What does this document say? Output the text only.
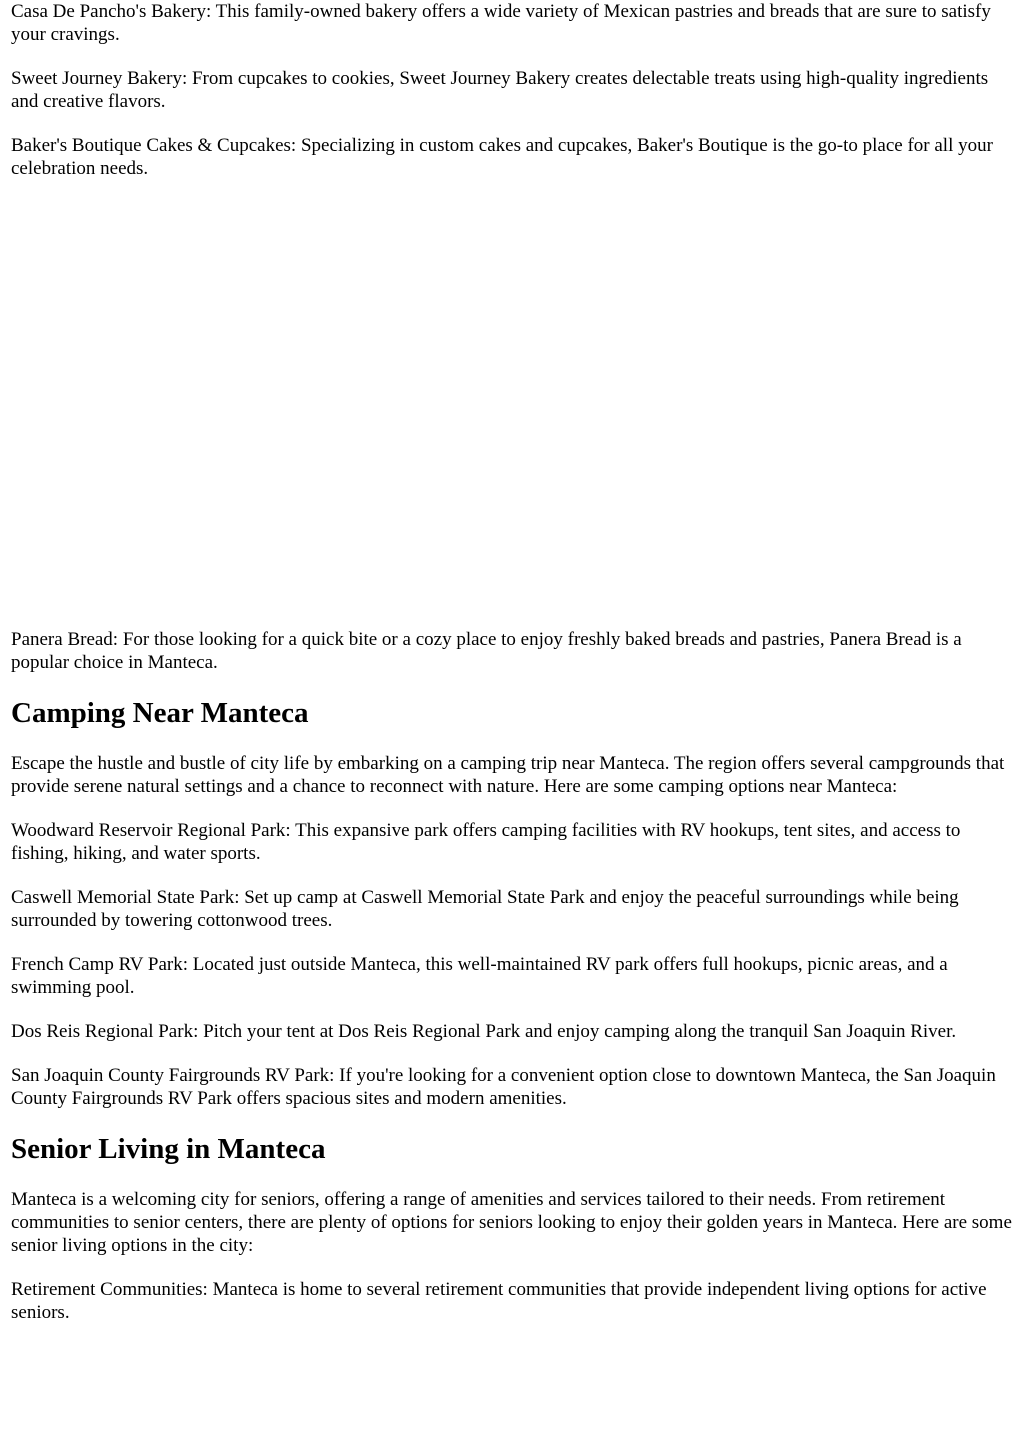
Casa De Pancho's Bakery: This family-owned bakery offers a wide variety of Mexican pastries and breads that are sure to satisfy your cravings.

Sweet Journey Bakery: From cupcakes to cookies, Sweet Journey Bakery creates delectable treats using high-quality ingredients and creative flavors.

Baker's Boutique Cakes & Cupcakes: Specializing in custom cakes and cupcakes, Baker's Boutique is the go-to place for all your celebration needs.

Panera Bread: For those looking for a quick bite or a cozy place to enjoy freshly baked breads and pastries, Panera Bread is a popular choice in Manteca.

Camping Near Manteca

Escape the hustle and bustle of city life by embarking on a camping trip near Manteca. The region offers several campgrounds that provide serene natural settings and a chance to reconnect with nature. Here are some camping options near Manteca:

Woodward Reservoir Regional Park: This expansive park offers camping facilities with RV hookups, tent sites, and access to fishing, hiking, and water sports.

Caswell Memorial State Park: Set up camp at Caswell Memorial State Park and enjoy the peaceful surroundings while being surrounded by towering cottonwood trees.

French Camp RV Park: Located just outside Manteca, this well-maintained RV park offers full hookups, picnic areas, and a swimming pool.

Dos Reis Regional Park: Pitch your tent at Dos Reis Regional Park and enjoy camping along the tranquil San Joaquin River.

San Joaquin County Fairgrounds RV Park: If you're looking for a convenient option close to downtown Manteca, the San Joaquin County Fairgrounds RV Park offers spacious sites and modern amenities.

Senior Living in Manteca

Manteca is a welcoming city for seniors, offering a range of amenities and services tailored to their needs. From retirement communities to senior centers, there are plenty of options for seniors looking to enjoy their golden years in Manteca. Here are some senior living options in the city:

Retirement Communities: Manteca is home to several retirement communities that provide independent living options for active seniors.
